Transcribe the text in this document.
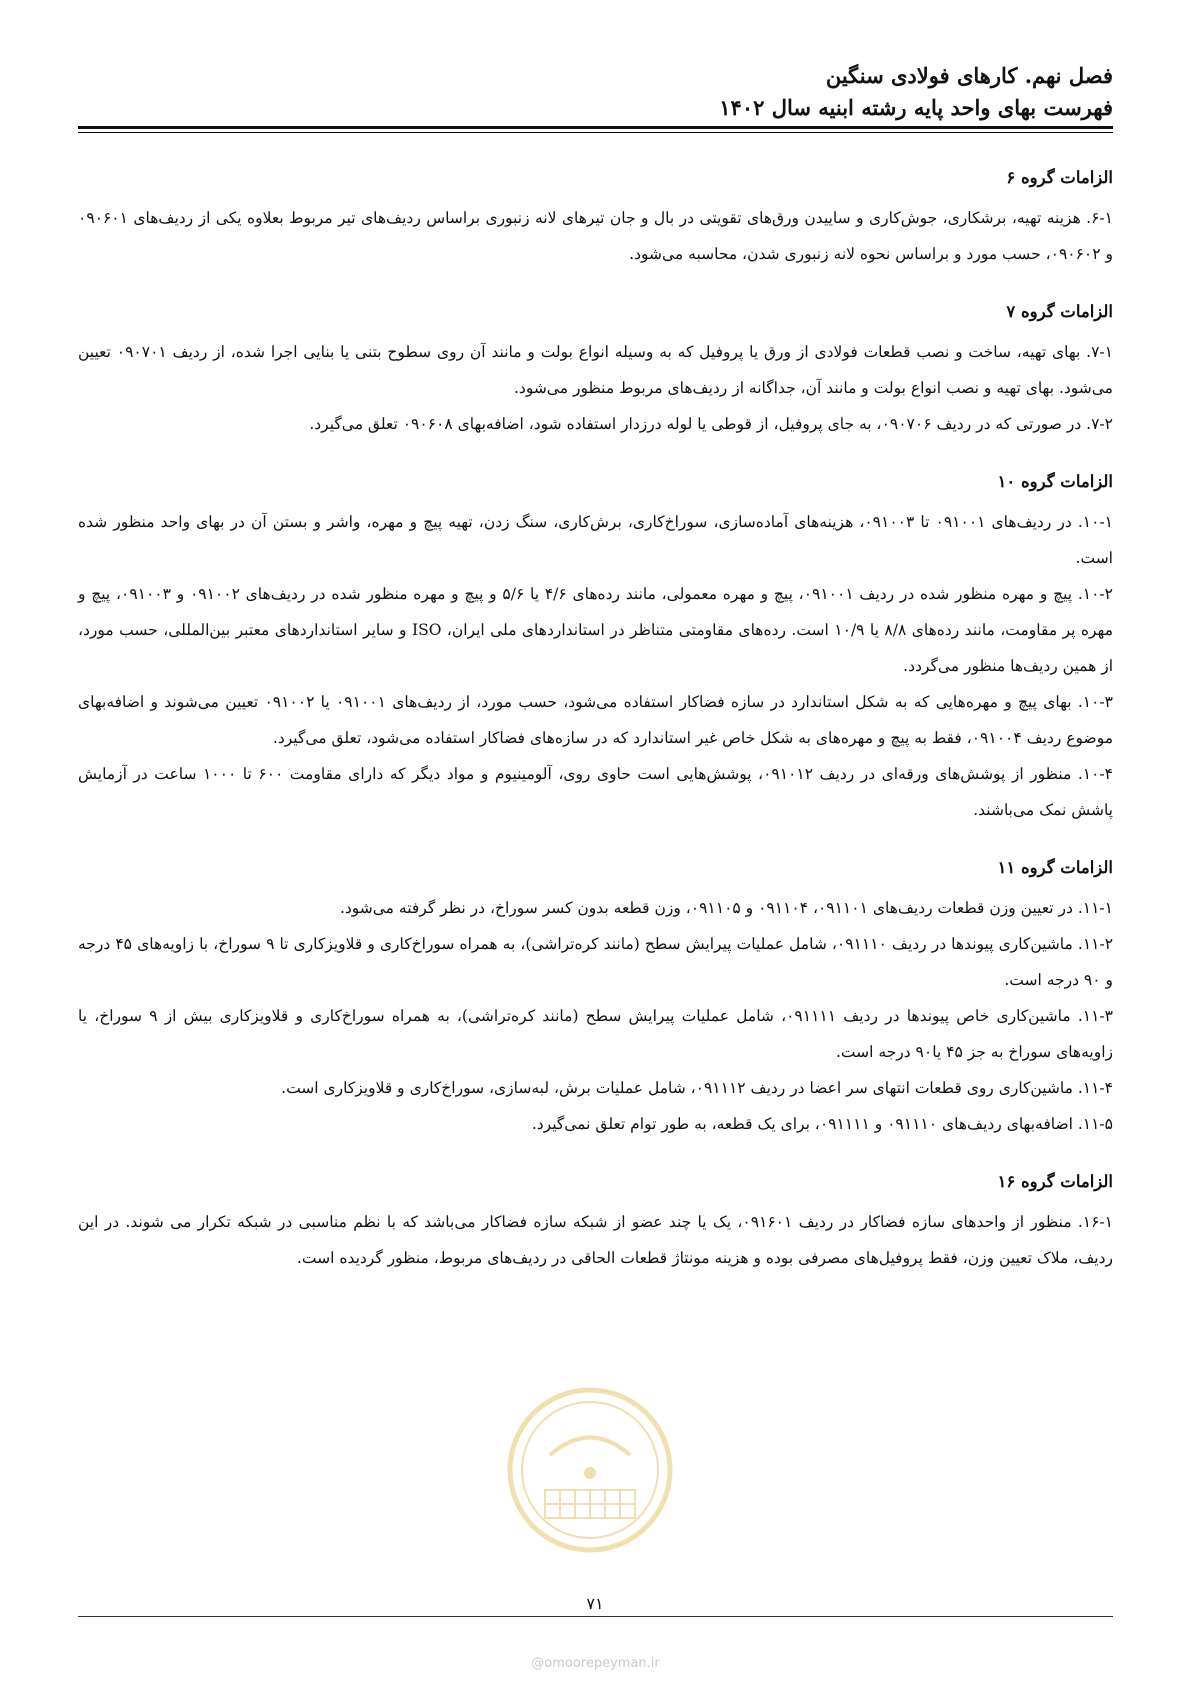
فصل نهم. کارهای فولادی سنگین
فهرست بهای واحد پایه رشته ابنیه سال ۱۴۰۲
الزامات گروه ۶

۶-۱. هزینه تهیه، برشکاری، جوش‌کاری و ساییدن ورق‌های تقویتی در بال و جان تیرهای لانه زنبوری براساس ردیف‌های تیر مربوط بعلاوه یکی از ردیف‌های ۰۹۰۶۰۱ و ۰۹۰۶۰۲، حسب مورد و براساس نحوه لانه زنبوری شدن، محاسبه می‌شود.

الزامات گروه ۷

۷-۱. بهای تهیه، ساخت و نصب قطعات فولادی از ورق یا پروفیل که به وسیله انواع بولت و مانند آن روی سطوح بتنی یا بنایی اجرا شده، از ردیف ۰۹۰۷۰۱ تعیین می‌شود. بهای تهیه و نصب انواع بولت و مانند آن، جداگانه از ردیف‌های مربوط منظور می‌شود.

۷-۲. در صورتی که در ردیف ۰۹۰۷۰۶، به جای پروفیل، از قوطی یا لوله درزدار استفاده شود، اضافه‌بهای ۰۹۰۶۰۸ تعلق می‌گیرد.

الزامات گروه ۱۰

۱۰-۱. در ردیف‌های ۰۹۱۰۰۱ تا ۰۹۱۰۰۳، هزینه‌های آماده‌سازی، سوراخ‌کاری، برش‌کاری، سنگ زدن، تهیه پیچ و مهره، واشر و بستن آن در بهای واحد منظور شده است.

۱۰-۲. پیچ و مهره منظور شده در ردیف ۰۹۱۰۰۱، پیچ و مهره معمولی، مانند رده‌های ۴/۶ یا ۵/۶ و پیچ و مهره منظور شده در ردیف‌های ۰۹۱۰۰۲ و ۰۹۱۰۰۳، پیچ و مهره پر مقاومت، مانند رده‌های ۸/۸ یا ۱۰/۹ است. رده‌های مقاومتی متناظر در استانداردهای ملی ایران، ISO و سایر استانداردهای معتبر بین‌المللی، حسب مورد، از همین ردیف‌ها منظور می‌گردد.

۱۰-۳. بهای پیچ و مهره‌هایی که به شکل استاندارد در سازه فضاکار استفاده می‌شود، حسب مورد، از ردیف‌های ۰۹۱۰۰۱ یا ۰۹۱۰۰۲ تعیین می‌شوند و اضافه‌بهای موضوع ردیف ۰۹۱۰۰۴، فقط به پیچ و مهره‌های به شکل خاص غیر استاندارد که در سازه‌های فضاکار استفاده می‌شود، تعلق می‌گیرد.

۱۰-۴. منظور از پوشش‌های ورقه‌ای در ردیف ۰۹۱۰۱۲، پوشش‌هایی است حاوی روی، آلومینیوم و مواد دیگر که دارای مقاومت ۶۰۰ تا ۱۰۰۰ ساعت در آزمایش پاشش نمک می‌باشند.

الزامات گروه ۱۱

۱۱-۱. در تعیین وزن قطعات ردیف‌های ۰۹۱۱۰۱، ۰۹۱۱۰۴ و ۰۹۱۱۰۵، وزن قطعه بدون کسر سوراخ، در نظر گرفته می‌شود.

۱۱-۲. ماشین‌کاری پیوندها در ردیف ۰۹۱۱۱۰، شامل عملیات پیرایش سطح (مانند کره‌تراشی)، به همراه سوراخ‌کاری و قلاویزکاری تا ۹ سوراخ، با زاویه‌های ۴۵ درجه و ۹۰ درجه است.

۱۱-۳. ماشین‌کاری خاص پیوندها در ردیف ۰۹۱۱۱۱، شامل عملیات پیرایش سطح (مانند کره‌تراشی)، به همراه سوراخ‌کاری و قلاویزکاری بیش از ۹ سوراخ، یا زاویه‌های سوراخ به جز ۴۵ یا۹۰ درجه است.

۱۱-۴. ماشین‌کاری روی قطعات انتهای سر اعضا در ردیف ۰۹۱۱۱۲، شامل عملیات برش، لبه‌سازی، سوراخ‌کاری و قلاویزکاری است.

۱۱-۵. اضافه‌بهای ردیف‌های ۰۹۱۱۱۰ و ۰۹۱۱۱۱، برای یک قطعه، به طور توام تعلق نمی‌گیرد.

الزامات گروه ۱۶

۱۶-۱. منظور از واحدهای سازه فضاکار در ردیف ۰۹۱۶۰۱، یک یا چند عضو از شبکه سازه فضاکار می‌باشد که با نظم مناسبی در شبکه تکرار می شوند. در این ردیف، ملاک تعیین وزن، فقط پروفیل‌های مصرفی بوده و هزینه مونتاژ قطعات الحاقی در ردیف‌های مربوط، منظور گردیده است.

۷۱
@omoorepeyman.ir
